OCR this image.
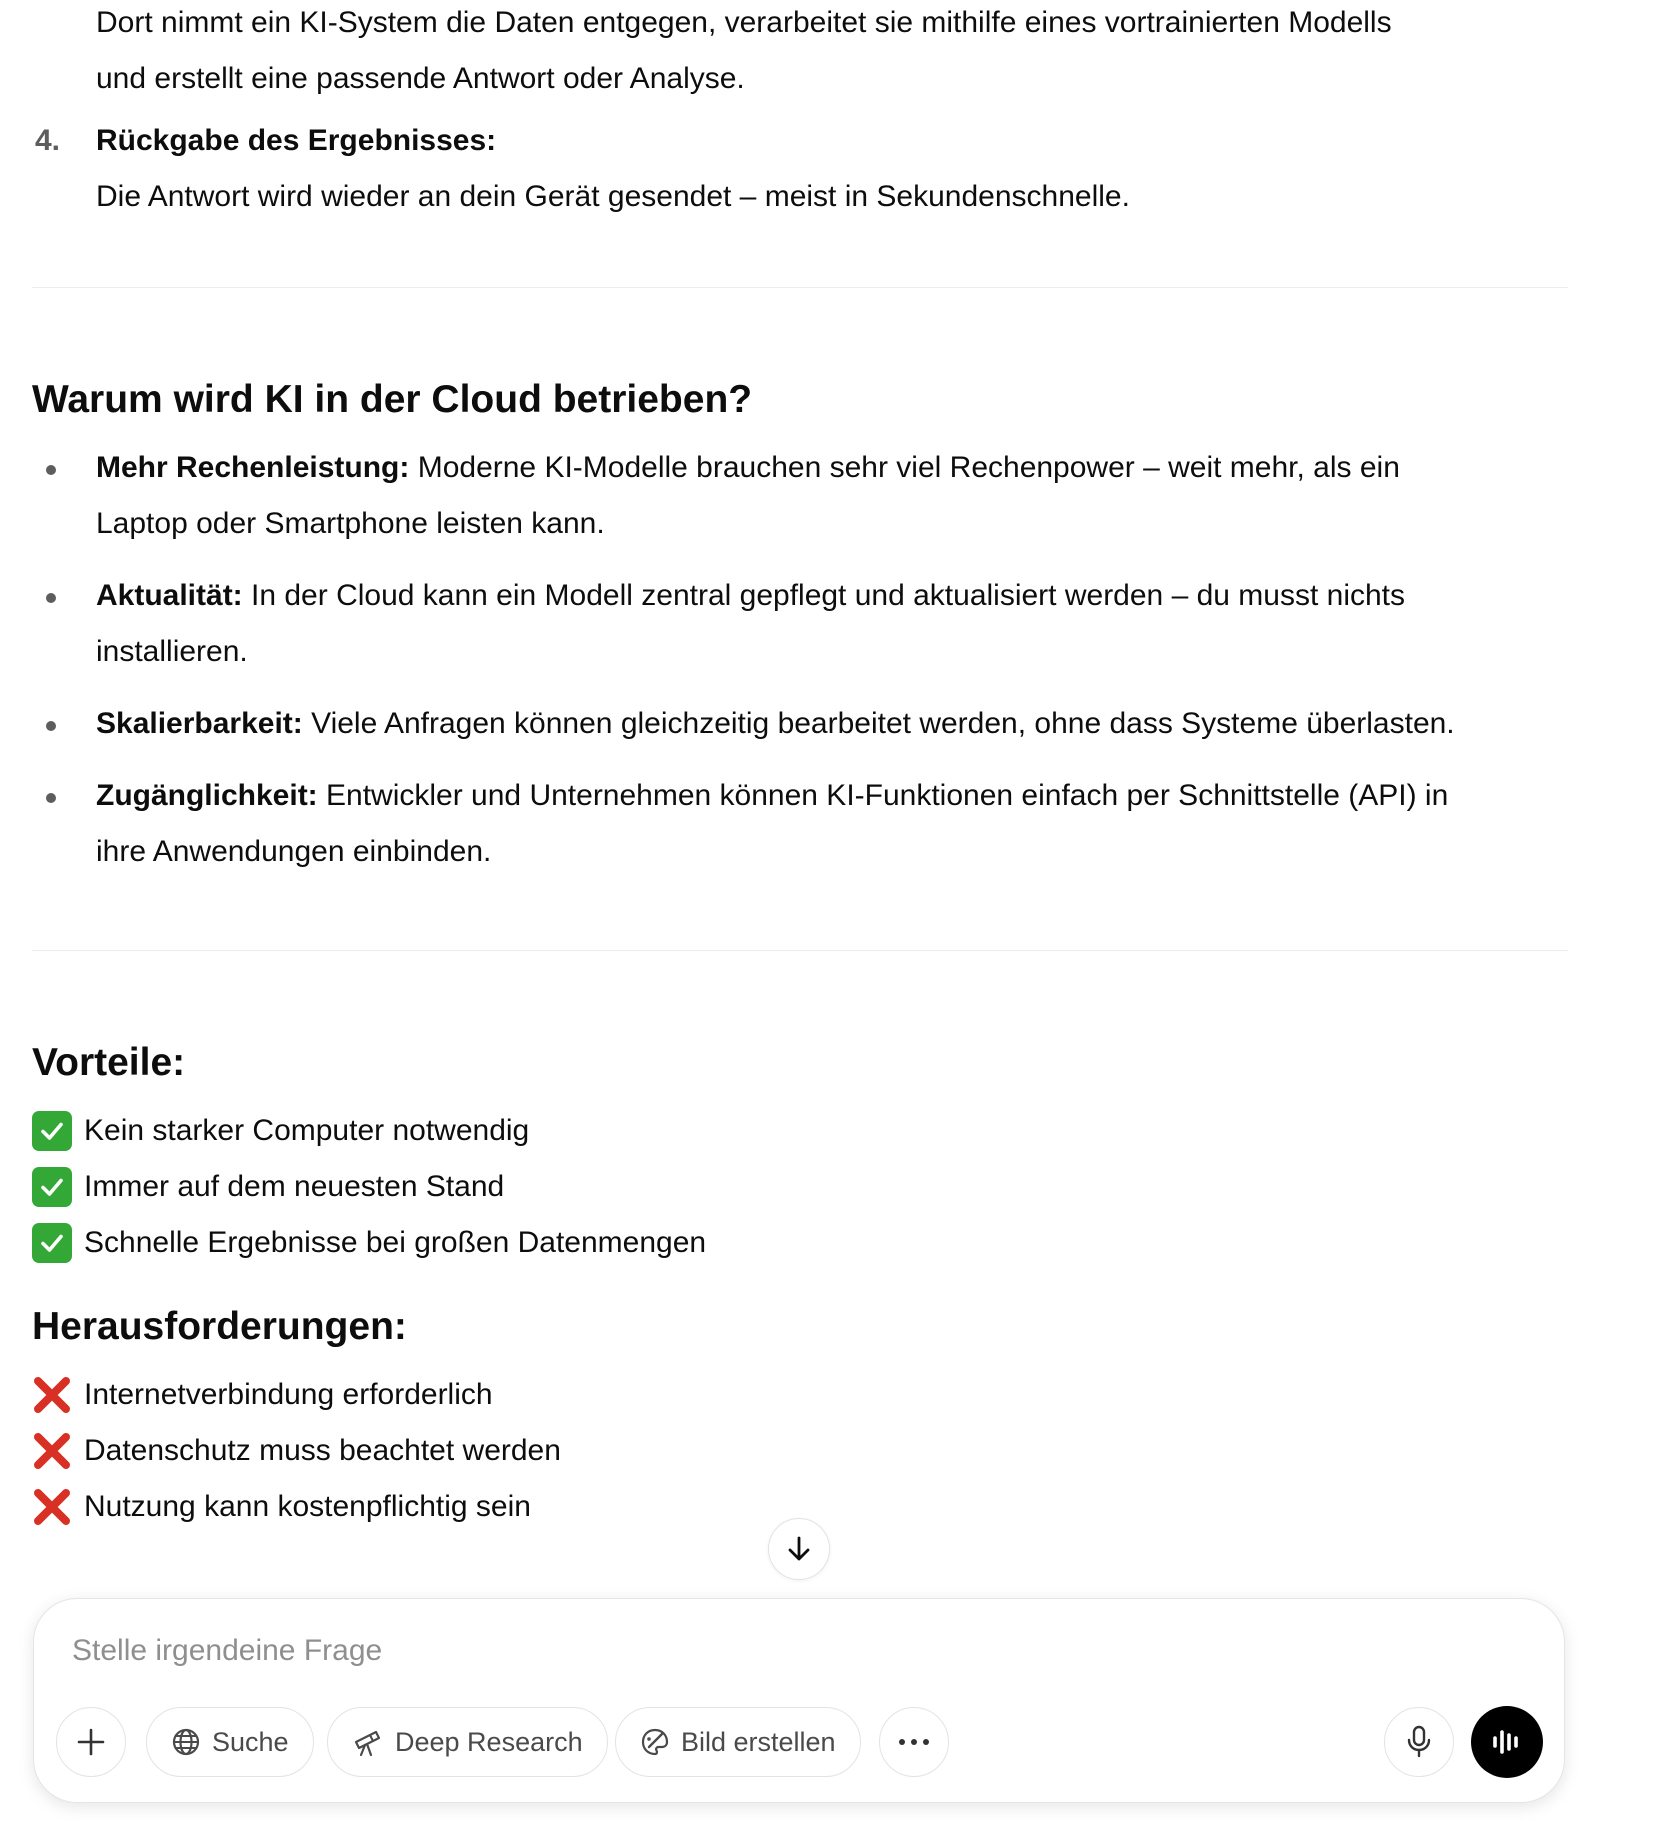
Dort nimmt ein KI-System die Daten entgegen, verarbeitet sie mithilfe eines vortrainierten Modells
und erstellt eine passende Antwort oder Analyse.
4. Rückgabe des Ergebnisses:
Die Antwort wird wieder an dein Gerät gesendet – meist in Sekundenschnelle.
Warum wird KI in der Cloud betrieben?
Mehr Rechenleistung: Moderne KI-Modelle brauchen sehr viel Rechenpower – weit mehr, als ein
Laptop oder Smartphone leisten kann.
Aktualität: In der Cloud kann ein Modell zentral gepflegt und aktualisiert werden – du musst nichts
installieren.
Skalierbarkeit: Viele Anfragen können gleichzeitig bearbeitet werden, ohne dass Systeme überlasten.
Zugänglichkeit: Entwickler und Unternehmen können KI-Funktionen einfach per Schnittstelle (API) in
ihre Anwendungen einbinden.
Vorteile:
Kein starker Computer notwendig
Immer auf dem neuesten Stand
Schnelle Ergebnisse bei großen Datenmengen
Herausforderungen:
Internetverbindung erforderlich
Datenschutz muss beachtet werden
Nutzung kann kostenpflichtig sein
Stelle irgendeine Frage
Suche	Deep Research	Bild erstellen
